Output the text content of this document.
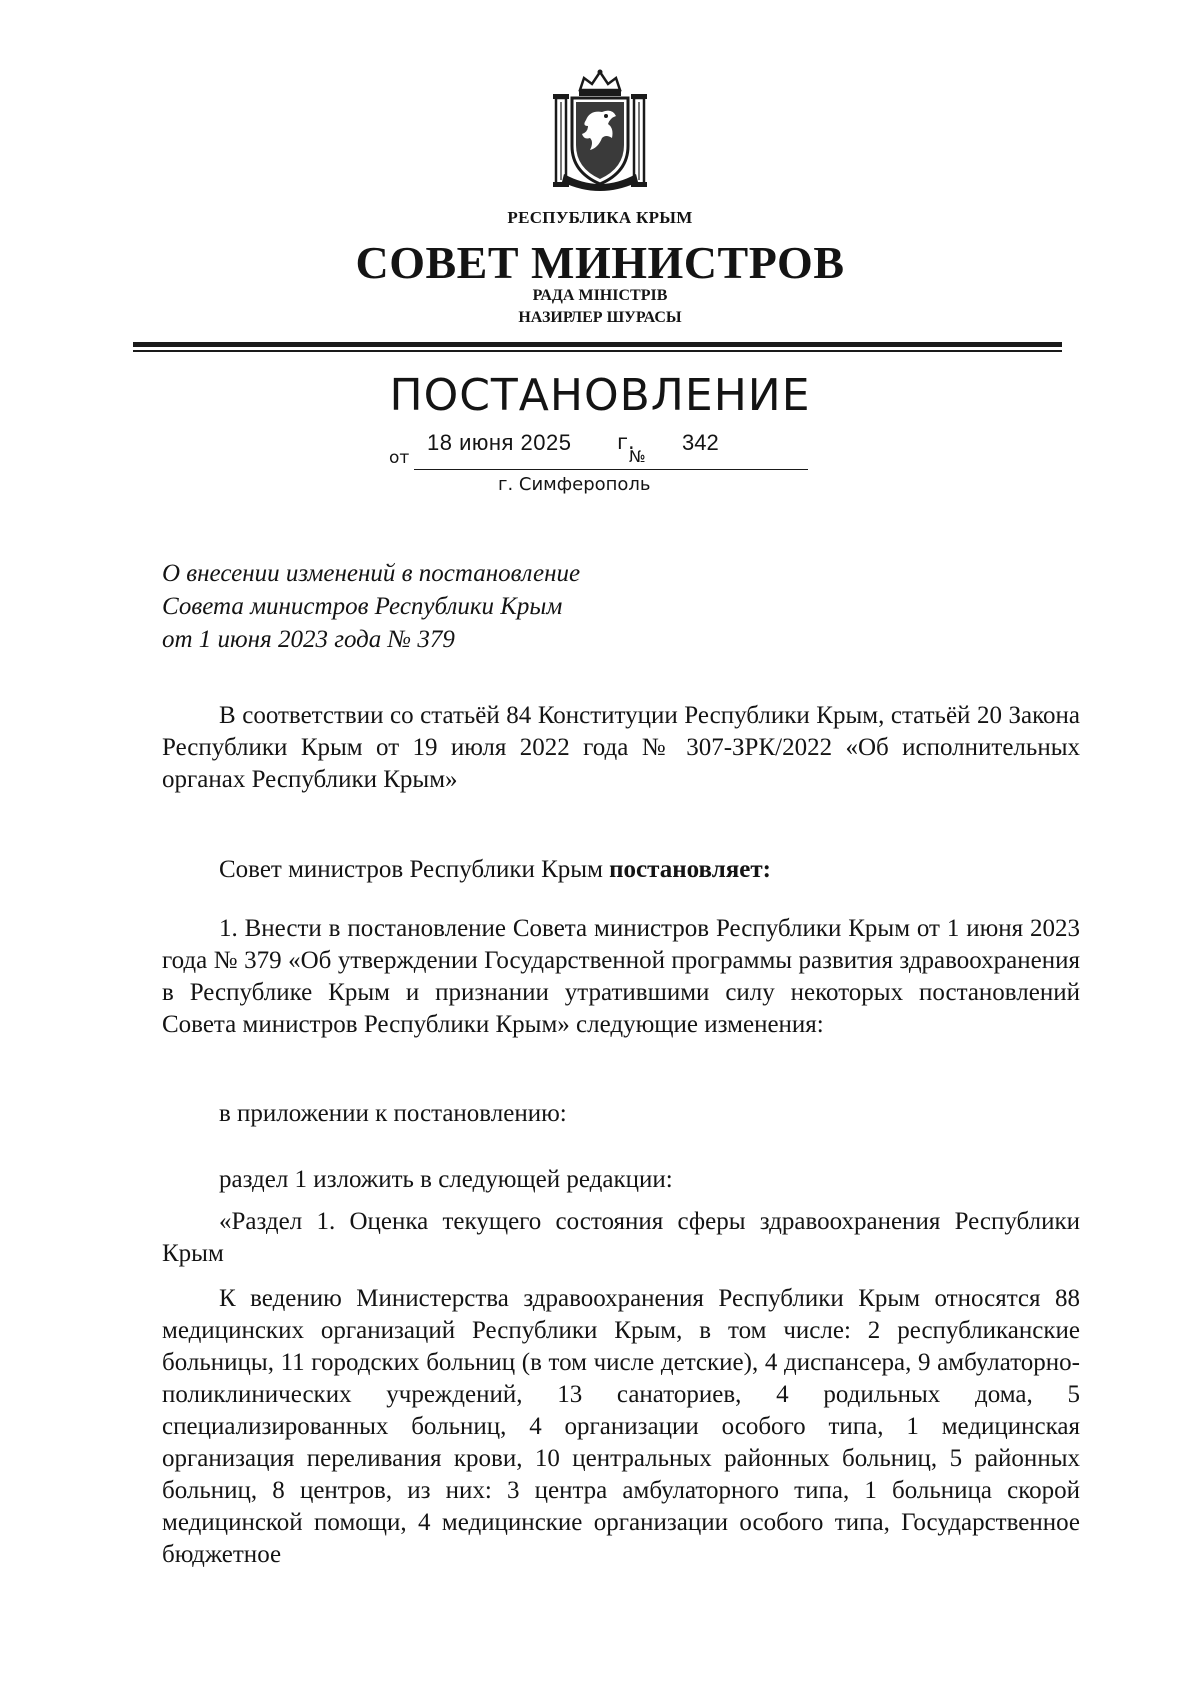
РЕСПУБЛИКА КРЫМ
СОВЕТ МИНИСТРОВ
РАДА МІНІСТРІВ
НАЗИРЛЕР ШУРАСЫ
ПОСТАНОВЛЕНИЕ
от
18 июня 2025 г.
№
342
г. Симферополь
О внесении изменений в постановление
Совета министров Республики Крым
от 1 июня 2023 года № 379
В соответствии со статьёй 84 Конституции Республики Крым, статьёй 20 Закона Республики Крым от 19 июля 2022 года № 307-ЗРК/2022 «Об исполнительных органах Республики Крым»
Совет министров Республики Крым постановляет:
1. Внести в постановление Совета министров Республики Крым от 1 июня 2023 года № 379 «Об утверждении Государственной программы развития здравоохранения в Республике Крым и признании утратившими силу некоторых постановлений Совета министров Республики Крым» следующие изменения:
в приложении к постановлению:
раздел 1 изложить в следующей редакции:
«Раздел 1. Оценка текущего состояния сферы здравоохранения Республики Крым
К ведению Министерства здравоохранения Республики Крым относятся 88 медицинских организаций Республики Крым, в том числе: 2 республиканские больницы, 11 городских больниц (в том числе детские), 4 диспансера, 9 амбулаторно-поликлинических учреждений, 13 санаториев, 4 родильных дома, 5 специализированных больниц, 4 организации особого типа, 1 медицинская организация переливания крови, 10 центральных районных больниц, 5 районных больниц, 8 центров, из них: 3 центра амбулаторного типа, 1 больница скорой медицинской помощи, 4 медицинские организации особого типа, Государственное бюджетное
